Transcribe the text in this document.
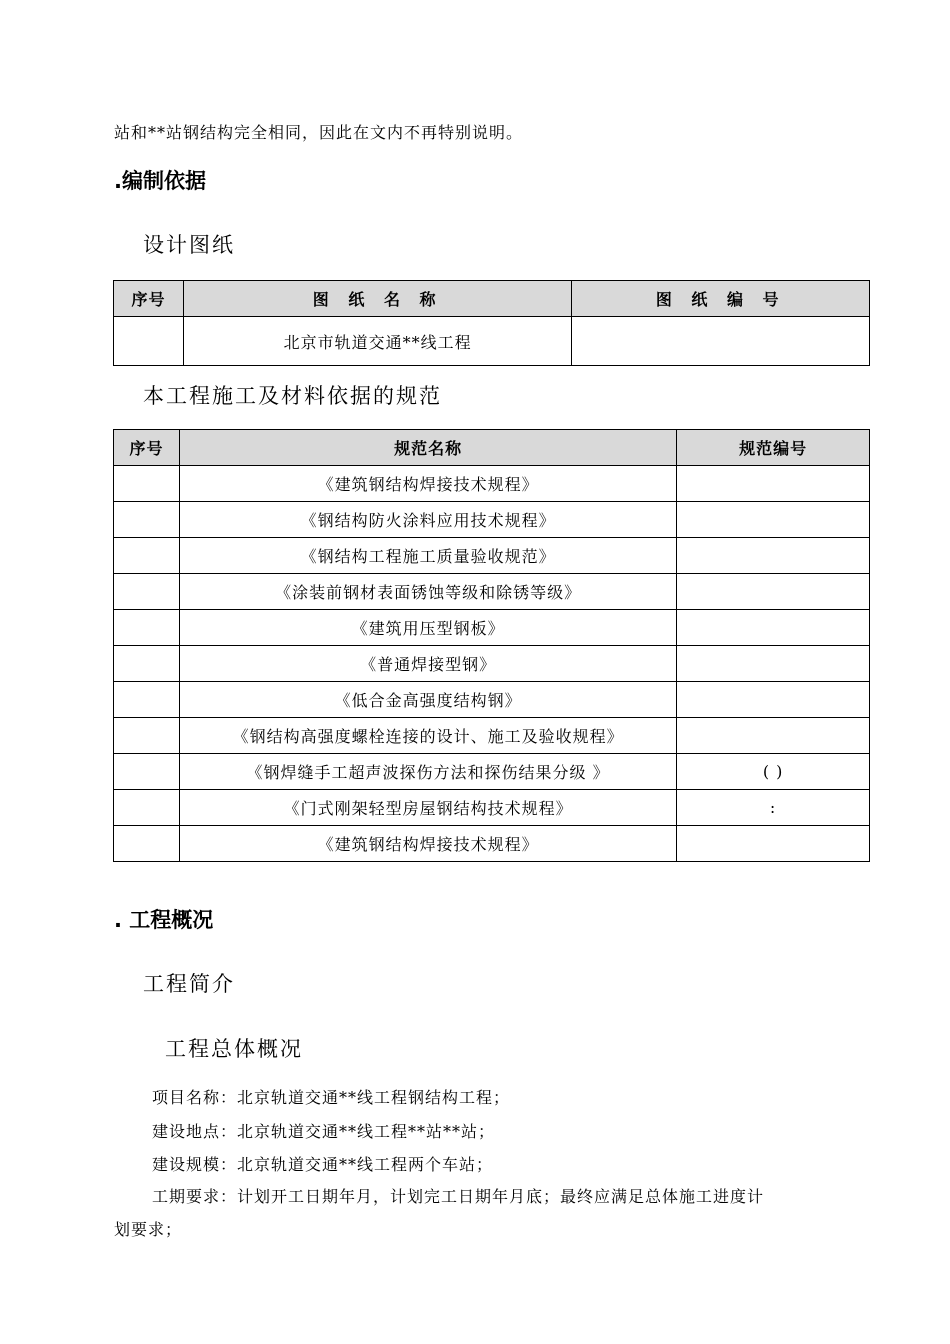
站和**站钢结构完全相同，因此在文内不再特别说明。
.编制依据
设计图纸
序号	图 纸 名 称	图 纸 编 号
	北京市轨道交通**线工程	
本工程施工及材料依据的规范
序号	规范名称	规范编号
	《建筑钢结构焊接技术规程》	
	《钢结构防火涂料应用技术规程》	
	《钢结构工程施工质量验收规范》	
	《涂装前钢材表面锈蚀等级和除锈等级》	
	《建筑用压型钢板》	
	《普通焊接型钢》	
	《低合金高强度结构钢》	
	《钢结构高强度螺栓连接的设计、施工及验收规程》	
	《钢焊缝手工超声波探伤方法和探伤结果分级 》	( )
	《门式刚架轻型房屋钢结构技术规程》	:
	《建筑钢结构焊接技术规程》	
. 工程概况
工程简介
工程总体概况
项目名称：北京轨道交通**线工程钢结构工程；
建设地点：北京轨道交通**线工程**站**站；
建设规模：北京轨道交通**线工程两个车站；
工期要求：计划开工日期年月，计划完工日期年月底；最终应满足总体施工进度计
划要求；
